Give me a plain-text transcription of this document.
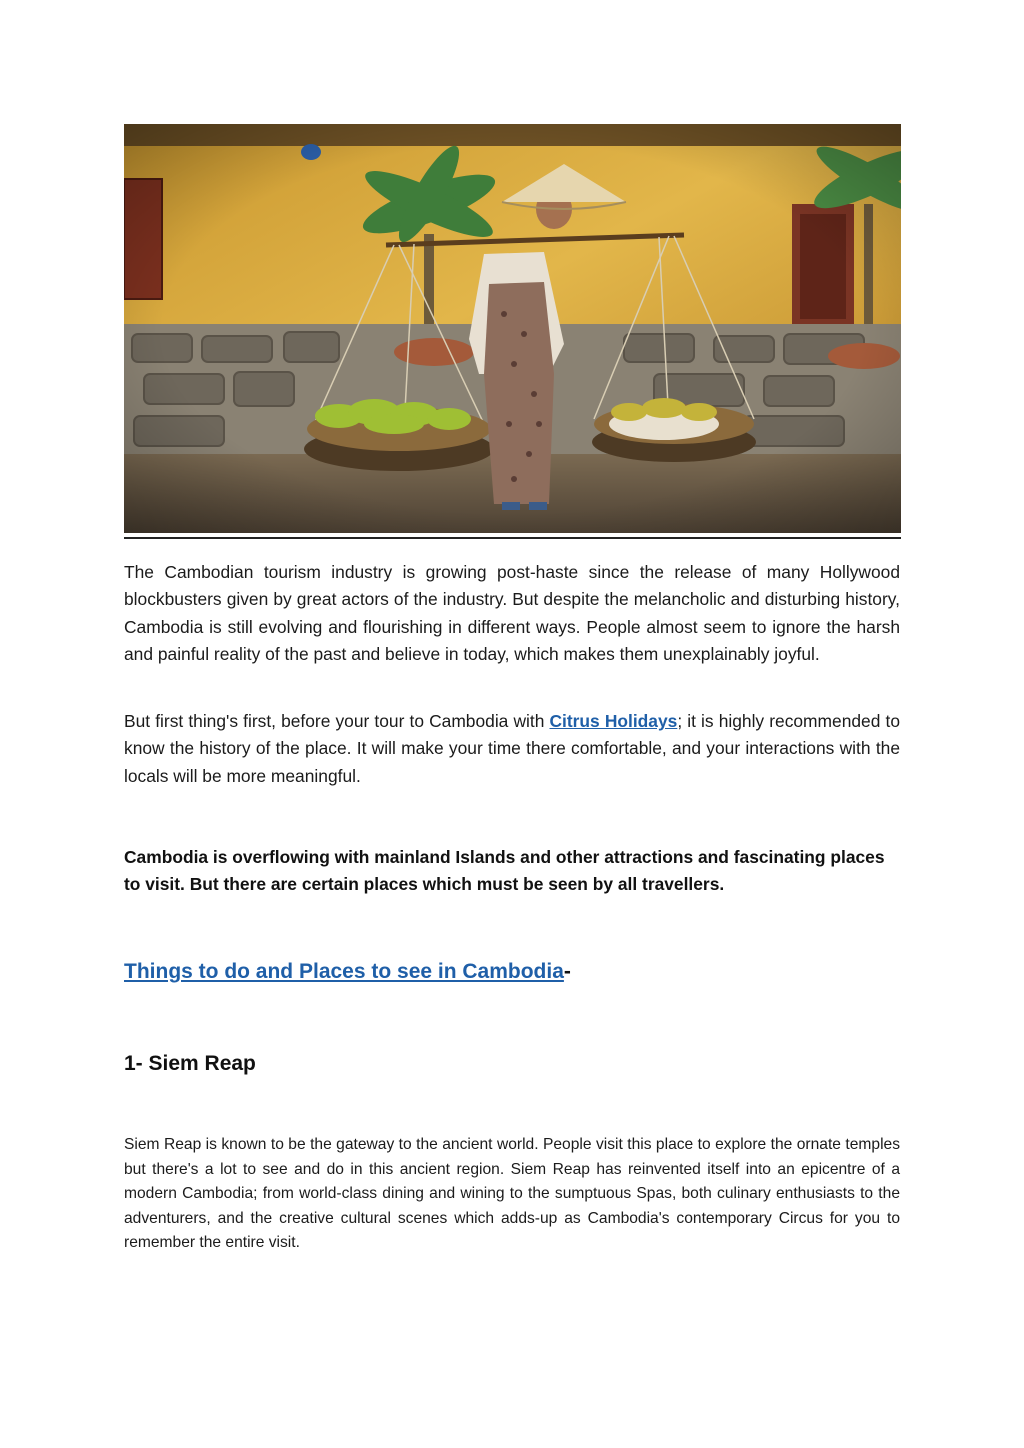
The Cambodian tourism industry is growing post-haste since the release of many Hollywood blockbusters given by great actors of the industry. But despite the melancholic and disturbing history, Cambodia is still evolving and flourishing in different ways. People almost seem to ignore the harsh and painful reality of the past and believe in today, which makes them unexplainably joyful.

But first thing's first, before your tour to Cambodia with Citrus Holidays; it is highly recommended to know the history of the place. It will make your time there comfortable, and your interactions with the locals will be more meaningful.

Cambodia is overflowing with mainland Islands and other attractions and fascinating places to visit. But there are certain places which must be seen by all travellers.

Things to do and Places to see in Cambodia-

1- Siem Reap

Siem Reap is known to be the gateway to the ancient world. People visit this place to explore the ornate temples but there's a lot to see and do in this ancient region. Siem Reap has reinvented itself into an epicentre of a modern Cambodia; from world-class dining and wining to the sumptuous Spas, both culinary enthusiasts to the adventurers, and the creative cultural scenes which adds-up as Cambodia's contemporary Circus for you to remember the entire visit.
